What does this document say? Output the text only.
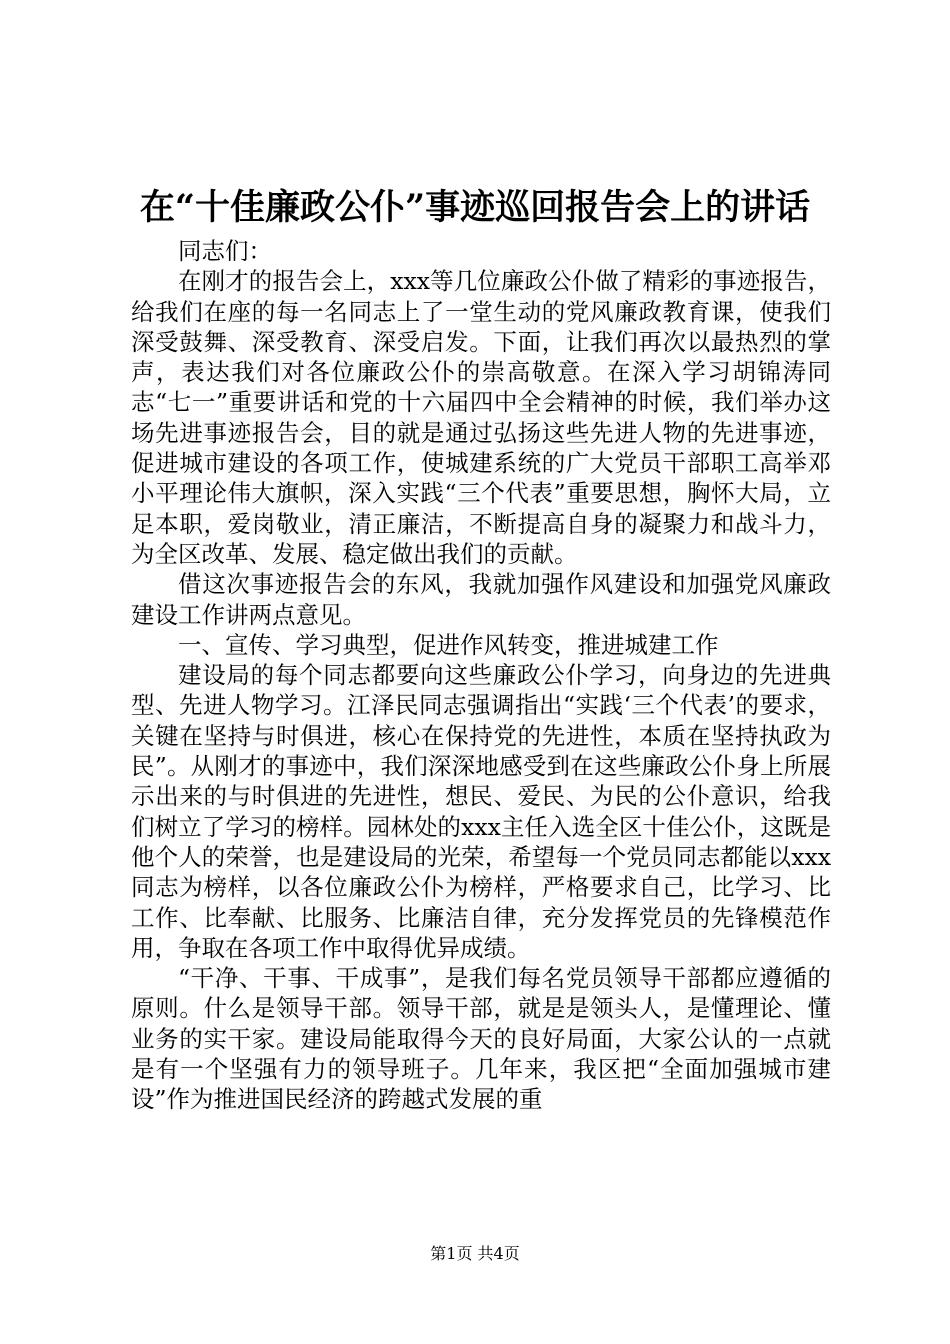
在“十佳廉政公仆”事迹巡回报告会上的讲话

同志们：

在刚才的报告会上，xxx等几位廉政公仆做了精彩的事迹报告，给我们在座的每一名同志上了一堂生动的党风廉政教育课，使我们深受鼓舞、深受教育、深受启发。下面，让我们再次以最热烈的掌声，表达我们对各位廉政公仆的崇高敬意。在深入学习胡锦涛同志“七一”重要讲话和党的十六届四中全会精神的时候，我们举办这场先进事迹报告会，目的就是通过弘扬这些先进人物的先进事迹，促进城市建设的各项工作，使城建系统的广大党员干部职工高举邓小平理论伟大旗帜，深入实践“三个代表”重要思想，胸怀大局，立足本职，爱岗敬业，清正廉洁，不断提高自身的凝聚力和战斗力，为全区改革、发展、稳定做出我们的贡献。

借这次事迹报告会的东风，我就加强作风建设和加强党风廉政建设工作讲两点意见。

一、宣传、学习典型，促进作风转变，推进城建工作

建设局的每个同志都要向这些廉政公仆学习，向身边的先进典型、先进人物学习。江泽民同志强调指出“实践‘三个代表’的要求，关键在坚持与时俱进，核心在保持党的先进性，本质在坚持执政为民”。从刚才的事迹中，我们深深地感受到在这些廉政公仆身上所展示出来的与时俱进的先进性，想民、爱民、为民的公仆意识，给我们树立了学习的榜样。园林处的xxx主任入选全区十佳公仆，这既是他个人的荣誉，也是建设局的光荣，希望每一个党员同志都能以xxx同志为榜样，以各位廉政公仆为榜样，严格要求自己，比学习、比工作、比奉献、比服务、比廉洁自律，充分发挥党员的先锋模范作用，争取在各项工作中取得优异成绩。

“干净、干事、干成事”，是我们每名党员领导干部都应遵循的原则。什么是领导干部。领导干部，就是是领头人，是懂理论、懂业务的实干家。建设局能取得今天的良好局面，大家公认的一点就是有一个坚强有力的领导班子。几年来，我区把“全面加强城市建设”作为推进国民经济的跨越式发展的重

第1页 共4页
